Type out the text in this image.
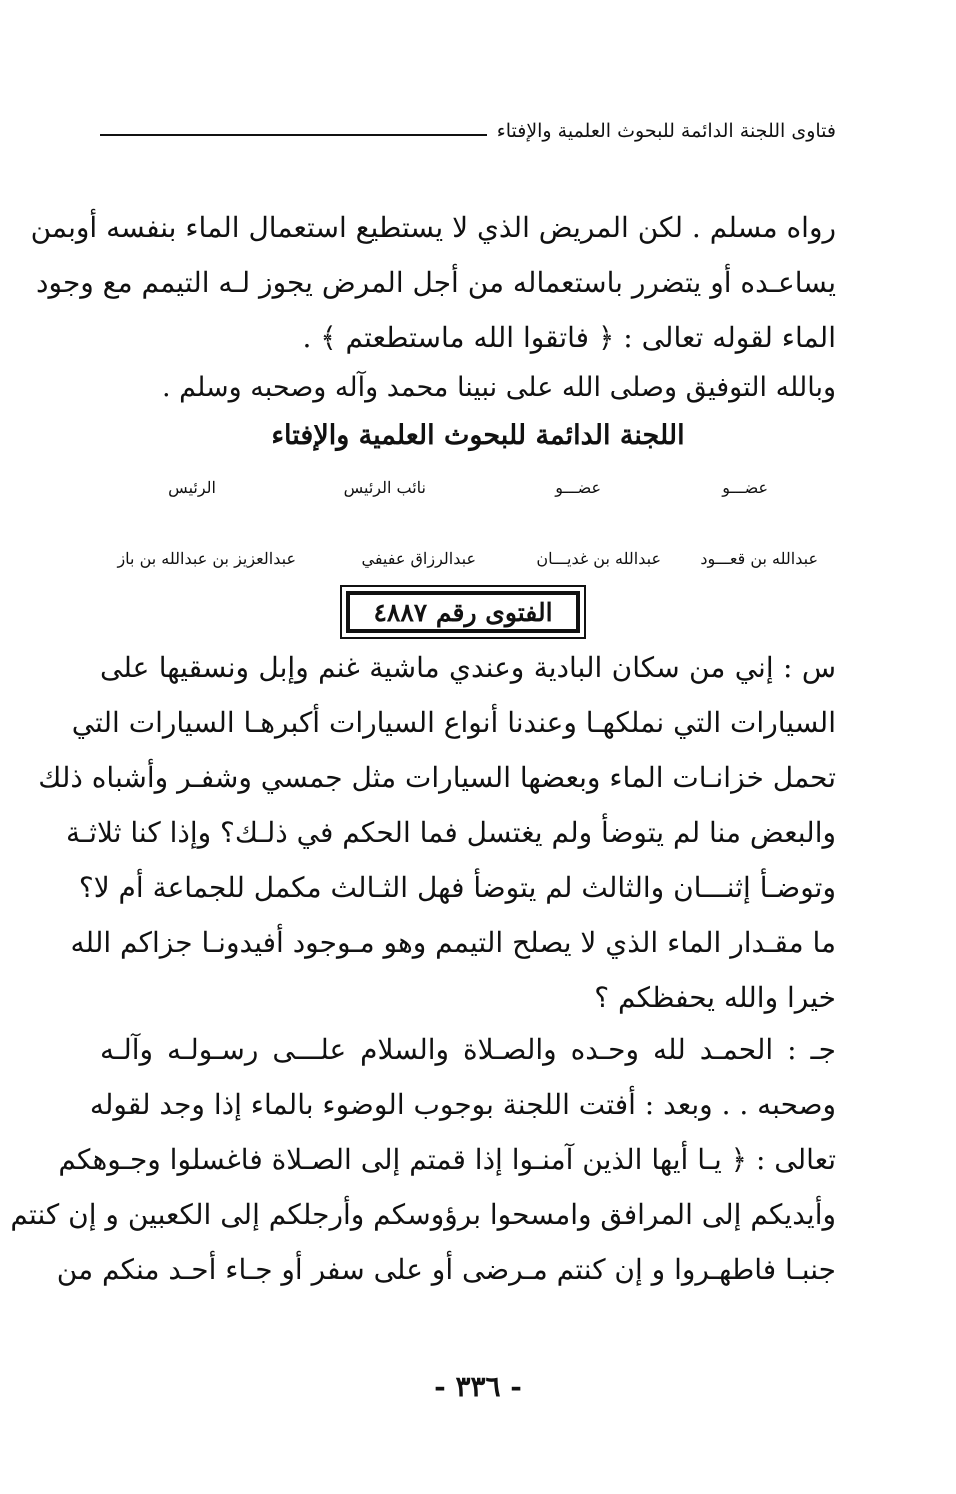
فتاوى اللجنة الدائمة للبحوث العلمية والإفتاء
رواه مسلم . لكن المريض الذي لا يستطيع استعمال الماء بنفسه أوبمن
يساعـده أو يتضرر باستعماله من أجل المرض يجوز لـه التيمم مع وجود
الماء لقوله تعالى : ﴿ فاتقوا الله ماستطعتم ﴾ .
وبالله التوفيق وصلى الله على نبينا محمد وآله وصحبه وسلم .
اللجنة الدائمة للبحوث العلمية والإفتاء
عضـــو
عضـــو
نائب الرئيس
الرئيس
عبدالله بن قعـــود
عبدالله بن غديـــان
عبدالرزاق عفيفي
عبدالعزيز بن عبدالله بن باز
الفتوى رقم ٤٨٨٧
س : إني من سكان البادية وعندي ماشية غنم وإبل ونسقيها على
السيارات التي نملكهـا وعندنا أنواع السيارات أكبرهـا السيارات التي
تحمل خزانـات الماء وبعضها السيارات مثل جمسي وشفـر وأشباه ذلك
والبعض منا لم يتوضأ ولم يغتسل فما الحكم في ذلـك؟ وإذا كنا ثلاثـة
وتوضـأ إثنـــان والثالث لم يتوضأ فهل الثـالث مكمل للجماعة أم لا؟
ما مقـدار الماء الذي لا يصلح التيمم وهو مـوجود أفيدونـا جزاكم الله
خيرا والله يحفظكم ؟
جـ : الحمـد لله وحـده والصـلاة والسلام علـــى رسـولـه وآلـه
وصحبه . . وبعد : أفتت اللجنة بوجوب الوضوء بالماء إذا وجد لقوله
تعالى : ﴿ يـا أيها الذين آمنـوا إذا قمتم إلى الصـلاة فاغسلوا وجـوهكم
وأيديكم إلى المرافق وامسحوا برؤوسكم وأرجلكم إلى الكعبين و إن كنتم
جنبـا فاطهـروا و إن كنتم مـرضى أو على سفر أو جـاء أحـد منكم من
- ٣٣٦ -
